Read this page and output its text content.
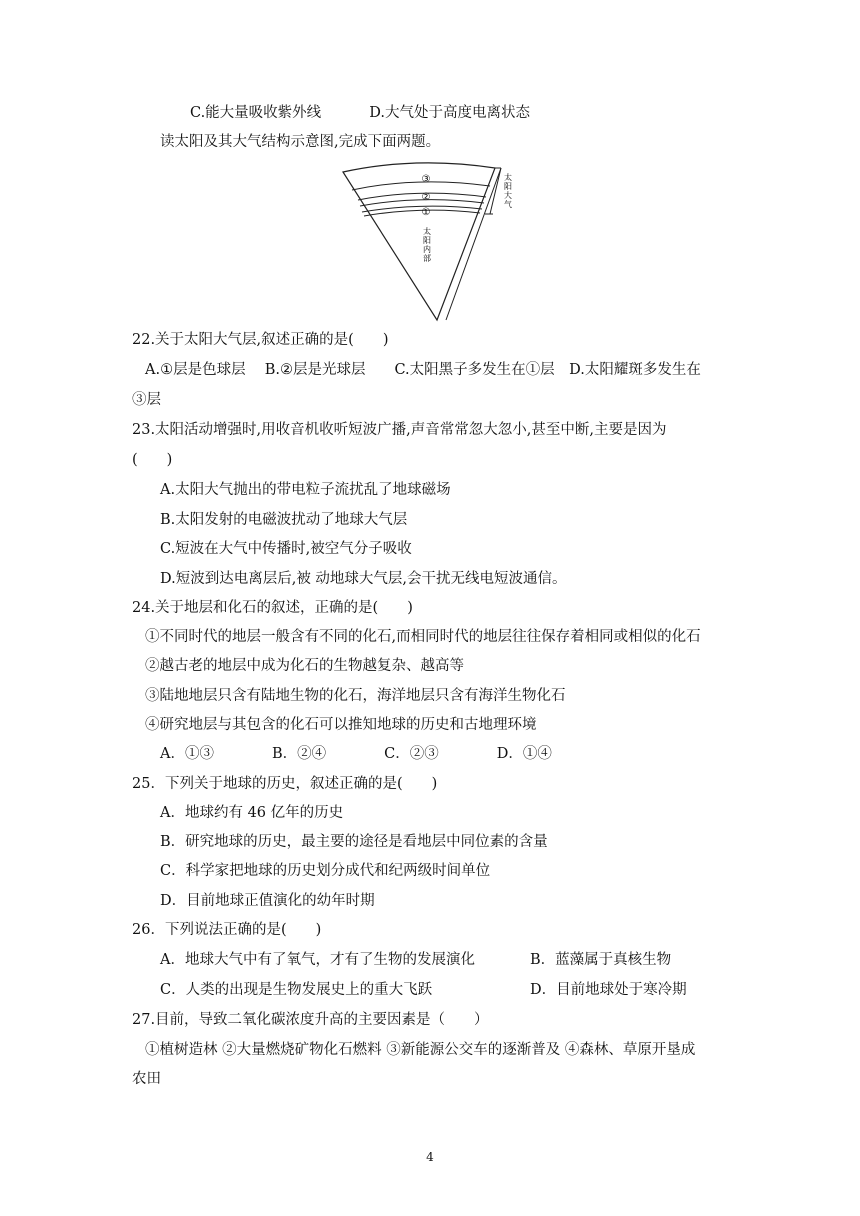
C.能大量吸收紫外线　　　 D.大气处于高度电离状态
读太阳及其大气结构示意图,完成下面两题。
③
②
①
太阳内部
太阳大气
22.关于太阳大气层,叙述正确的是(　　)
A.①层是色球层　 B.②层是光球层　　C.太阳黑子多发生在①层　D.太阳耀斑多发生在
③层
23.太阳活动增强时,用收音机收听短波广播,声音常常忽大忽小,甚至中断,主要是因为
(　　)
A.太阳大气抛出的带电粒子流扰乱了地球磁场
B.太阳发射的电磁波扰动了地球大气层
C.短波在大气中传播时,被空气分子吸收
D.短波到达电离层后,被 动地球大气层,会干扰无线电短波通信。
24.关于地层和化石的叙述，正确的是(　　)
①不同时代的地层一般含有不同的化石,而相同时代的地层往往保存着相同或相似的化石
②越古老的地层中成为化石的生物越复杂、越高等
③陆地地层只含有陆地生物的化石，海洋地层只含有海洋生物化石
④研究地层与其包含的化石可以推知地球的历史和古地理环境
A．①③　　　　B．②④　　　　C．②③　　　　D．①④
25．下列关于地球的历史，叙述正确的是(　　)
A．地球约有 46 亿年的历史
B．研究地球的历史，最主要的途径是看地层中同位素的含量
C．科学家把地球的历史划分成代和纪两级时间单位
D．目前地球正值演化的幼年时期
26．下列说法正确的是(　　)
A．地球大气中有了氧气，才有了生物的发展演化	B．蓝藻属于真核生物
C．人类的出现是生物发展史上的重大飞跃	D．目前地球处于寒冷期
27.目前，导致二氧化碳浓度升高的主要因素是（　　）
①植树造林 ②大量燃烧矿物化石燃料 ③新能源公交车的逐渐普及 ④森林、草原开垦成
农田
4
